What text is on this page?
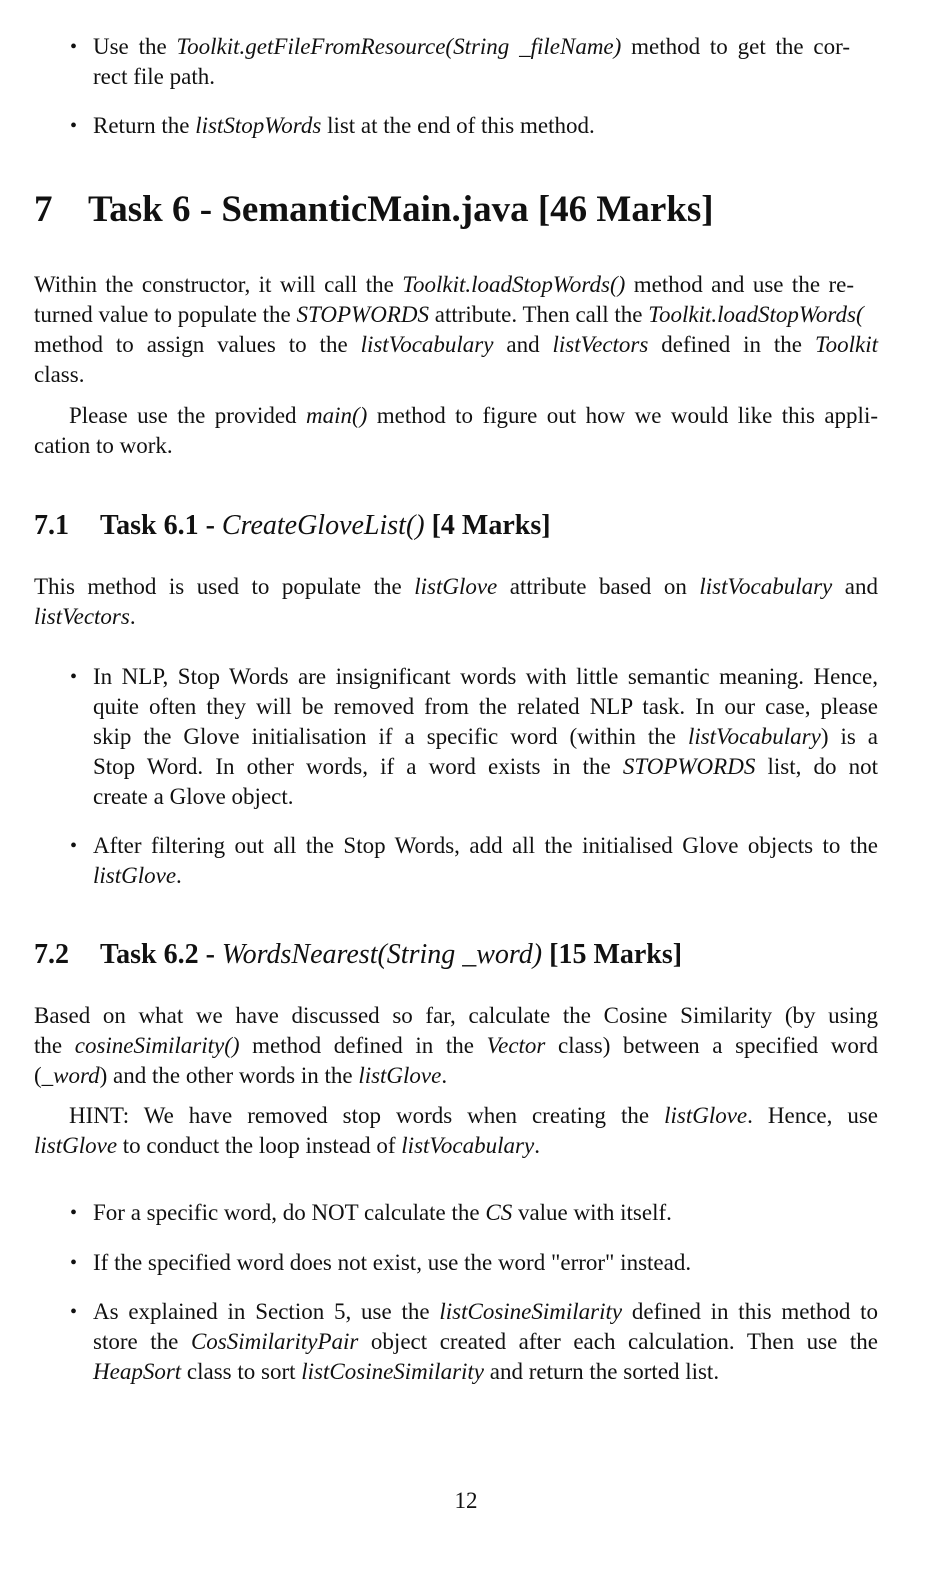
• Use the Toolkit.getFileFromResource(String _fileName) method to get the cor-
rect file path.
• Return the listStopWords list at the end of this method.
7 Task 6 - SemanticMain.java [46 Marks]
Within the constructor, it will call the Toolkit.loadStopWords() method and use the re-
turned value to populate the STOPWORDS attribute. Then call the Toolkit.loadStopWords(
method to assign values to the listVocabulary and listVectors defined in the Toolkit
class.
Please use the provided main() method to figure out how we would like this appli-
cation to work.
7.1 Task 6.1 - CreateGloveList() [4 Marks]
This method is used to populate the listGlove attribute based on listVocabulary and
listVectors.
• In NLP, Stop Words are insignificant words with little semantic meaning. Hence,
quite often they will be removed from the related NLP task. In our case, please
skip the Glove initialisation if a specific word (within the listVocabulary) is a
Stop Word. In other words, if a word exists in the STOPWORDS list, do not
create a Glove object.
• After filtering out all the Stop Words, add all the initialised Glove objects to the
listGlove.
7.2 Task 6.2 - WordsNearest(String _word) [15 Marks]
Based on what we have discussed so far, calculate the Cosine Similarity (by using
the cosineSimilarity() method defined in the Vector class) between a specified word
(_word) and the other words in the listGlove.
HINT: We have removed stop words when creating the listGlove. Hence, use
listGlove to conduct the loop instead of listVocabulary.
• For a specific word, do NOT calculate the CS value with itself.
• If the specified word does not exist, use the word "error" instead.
• As explained in Section 5, use the listCosineSimilarity defined in this method to
store the CosSimilarityPair object created after each calculation. Then use the
HeapSort class to sort listCosineSimilarity and return the sorted list.
12
